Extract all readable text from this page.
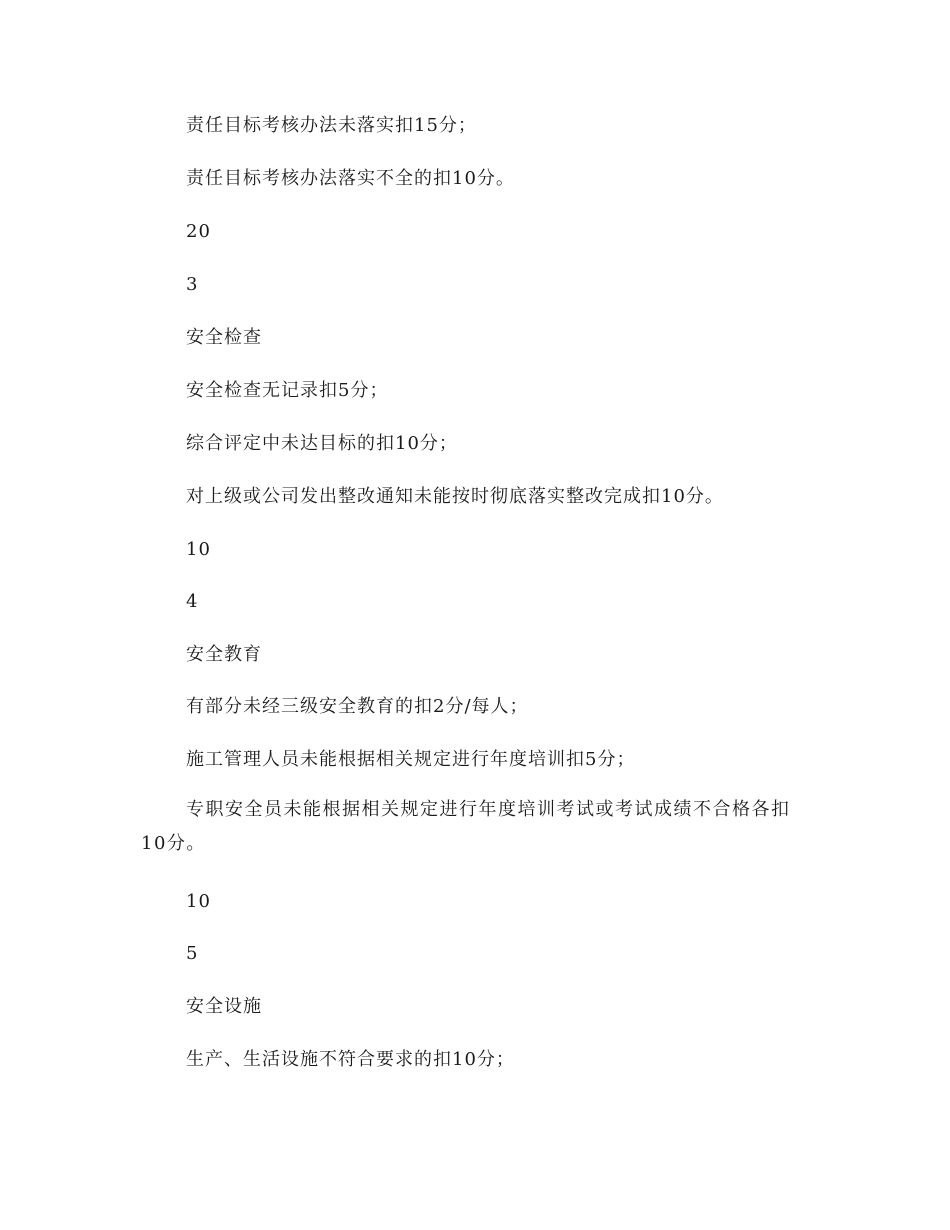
责任目标考核办法未落实扣15分；
责任目标考核办法落实不全的扣10分。
20
3
安全检查
安全检查无记录扣5分；
综合评定中未达目标的扣10分；
对上级或公司发出整改通知未能按时彻底落实整改完成扣10分。
10
4
安全教育
有部分未经三级安全教育的扣2分/每人；
施工管理人员未能根据相关规定进行年度培训扣5分；
专职安全员未能根据相关规定进行年度培训考试或考试成绩不合格各扣10分。
10
5
安全设施
生产、生活设施不符合要求的扣10分；
